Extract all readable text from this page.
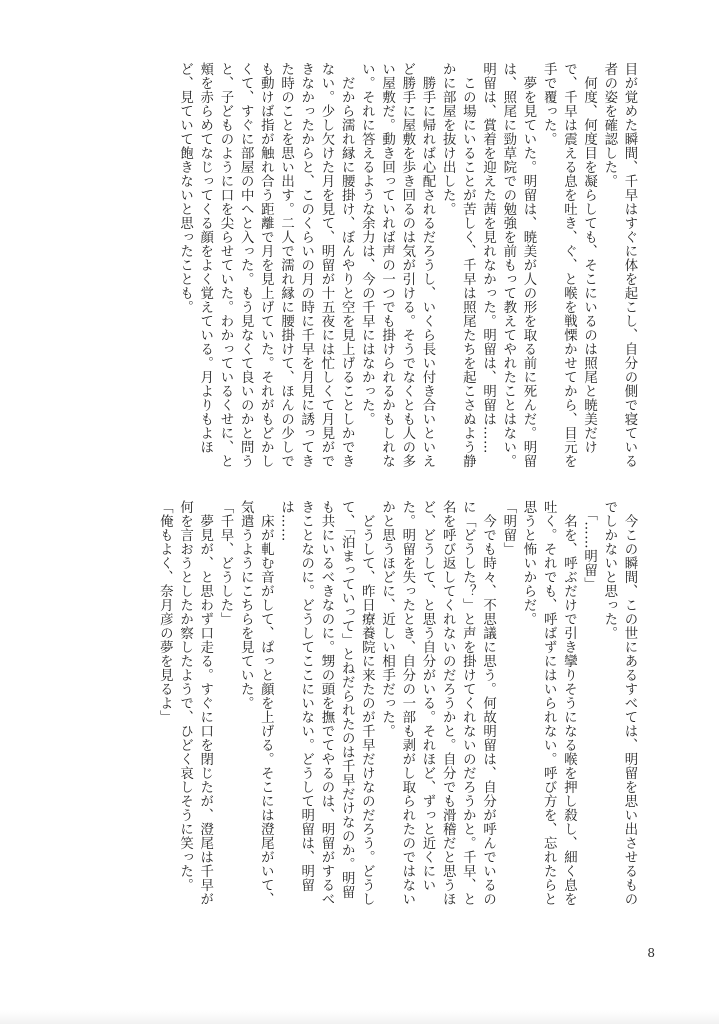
目が覚めた瞬間、千早はすぐに体を起こし、自分の側で寝ている者の姿を確認した。

何度、何度目を凝らしても、そこにいるのは照尾と暁美だけで、千早は震える息を吐き、ぐ、と喉を戦慄かせてから、目元を手で覆った。

夢を見ていた。明留は、暁美が人の形を取る前に死んだ。明留は、照尾に勁草院での勉強を前もって教えてやれたことはない。明留は、賞着を迎えた茜を見れなかった。明留は、明留は……

この場にいることが苦しく、千早は照尾たちを起こさぬよう静かに部屋を抜け出した。

勝手に帰れば心配されるだろうし、いくら長い付き合いといえど勝手に屋敷を歩き回るのは気が引ける。そうでなくとも人の多い屋敷だ。動き回っていれば声の一つでも掛けられるかもしれない。それに答えるような余力は、今の千早にはなかった。

だから濡れ縁に腰掛け、ぼんやりと空を見上げることしかできない。少し欠けた月を見て、明留が十五夜には忙しくて月見ができなかったからと、このくらいの月の時に千早を月見に誘ってきた時のことを思い出す。二人で濡れ縁に腰掛けて、ほんの少しでも動けば指が触れ合う距離で月を見上げていた。それがもどかしくて、すぐに部屋の中へと入った。もう見なくて良いのかと問うと、子どものように口を尖らせていた。わかっているくせに、と頬を赤らめてなじってくる顔をよく覚えている。月よりもよほど、見ていて飽きないと思ったことも。

今この瞬間、この世にあるすべては、明留を思い出させるものでしかないと思った。

「……明留」

名を、呼ぶだけで引き攣りそうになる喉を押し殺し、細く息を吐く。それでも、呼ばずにはいられない。呼び方を、忘れたらと思うと怖いからだ。

「明留」

今でも時々、不思議に思う。何故明留は、自分が呼んでいるのに「どうした？」と声を掛けてくれないのだろうかと。千早、と名を呼び返してくれないのだろうかと。自分でも滑稽だと思うほど、どうして、と思う自分がいる。それほど、ずっと近くにいた。明留を失ったとき、自分の一部も剥がし取られたのではないかと思うほどに、近しい相手だった。

どうして、昨日療養院に来たのが千早だけなのだろう。どうして、「泊まっていって」とねだられたのは千早だけなのか。明留も共にいるべきなのに。甥の頭を撫でてやるのは、明留がするべきことなのに。どうしてここにいない。どうして明留は、明留は……

床が軋む音がして、ぱっと顔を上げる。そこには澄尾がいて、気遣うようにこちらを見ていた。

「千早、どうした」

夢見が、と思わず口走る。すぐに口を閉じたが、澄尾は千早が何を言おうとしたか察したようで、ひどく哀しそうに笑った。

「俺もよく、奈月彦の夢を見るよ」

8
